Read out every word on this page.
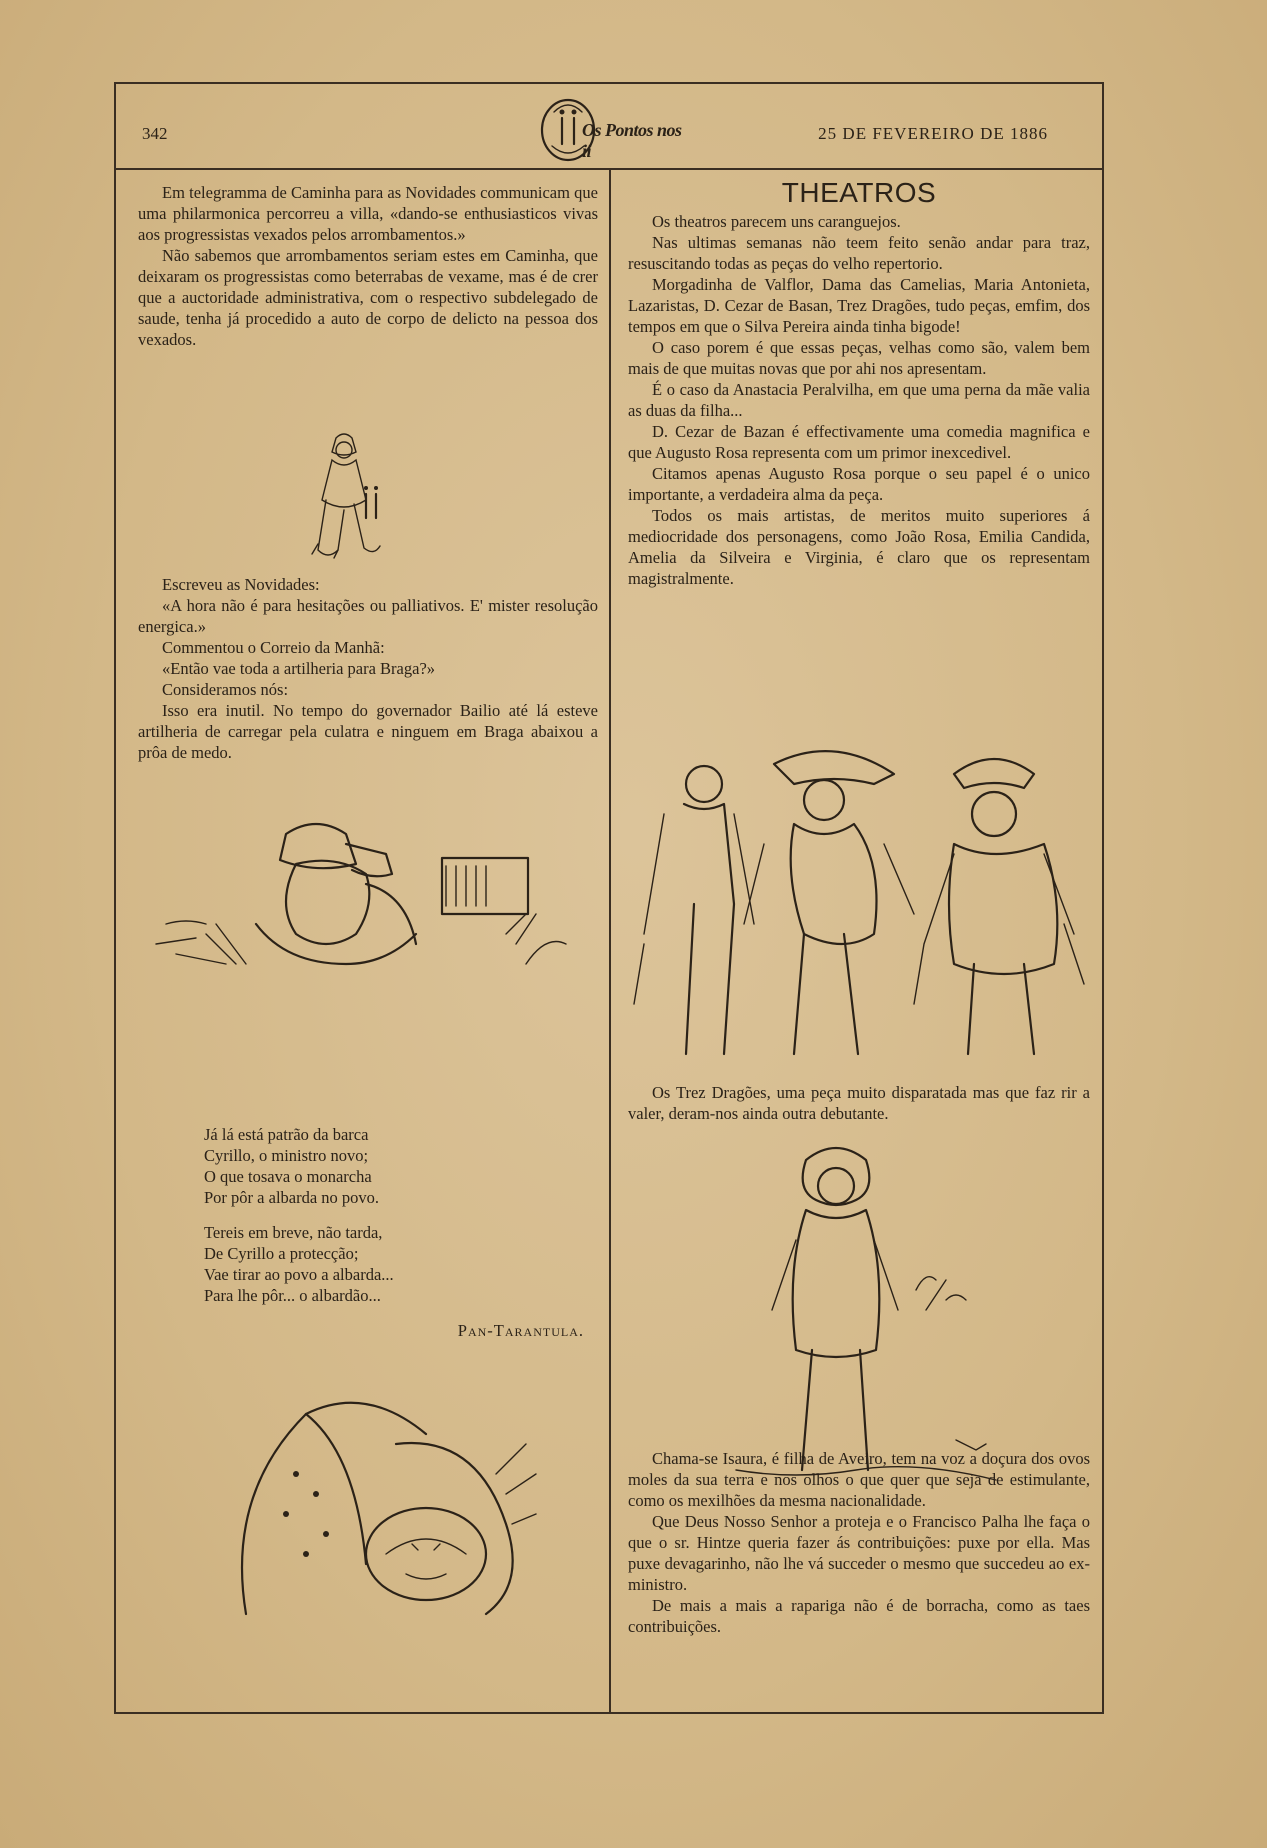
342	Os Pontos nos ii
25 DE FEVEREIRO DE 1886

Em telegramma de Caminha para as Novidades communicam que uma philarmonica percorreu a villa, «dando-se enthusiasticos vivas aos progressistas vexados pelos arrombamentos.»

Não sabemos que arrombamentos seriam estes em Caminha, que deixaram os progressistas como beterrabas de vexame, mas é de crer que a auctoridade administrativa, com o respectivo subdelegado de saude, tenha já procedido a auto de corpo de delicto na pessoa dos vexados.

Escreveu as Novidades:

«A hora não é para hesitações ou palliativos. E' mister resolução energica.»

Commentou o Correio da Manhã:

«Então vae toda a artilheria para Braga?»

Consideramos nós:

Isso era inutil. No tempo do governador Bailio até lá esteve artilheria de carregar pela culatra e ninguem em Braga abaixou a prôa de medo.

Já lá está patrão da barca

Cyrillo, o ministro novo;

O que tosava o monarcha

Por pôr a albarda no povo.

Tereis em breve, não tarda,

De Cyrillo a protecção;

Vae tirar ao povo a albarda...

Para lhe pôr... o albardão...

Pan-Tarantula.
THEATROS

Os theatros parecem uns caranguejos.

Nas ultimas semanas não teem feito senão andar para traz, resuscitando todas as peças do velho repertorio.

Morgadinha de Valflor, Dama das Camelias, Maria Antonieta, Lazaristas, D. Cezar de Basan, Trez Dragões, tudo peças, emfim, dos tempos em que o Silva Pereira ainda tinha bigode!

O caso porem é que essas peças, velhas como são, valem bem mais de que muitas novas que por ahi nos apresentam.

É o caso da Anastacia Peralvilha, em que uma perna da mãe valia as duas da filha...

D. Cezar de Bazan é effectivamente uma comedia magnifica e que Augusto Rosa representa com um primor inexcedivel.

Citamos apenas Augusto Rosa porque o seu papel é o unico importante, a verdadeira alma da peça.

Todos os mais artistas, de meritos muito superiores á mediocridade dos personagens, como João Rosa, Emilia Candida, Amelia da Silveira e Virginia, é claro que os representam magistralmente.

Os Trez Dragões, uma peça muito disparatada mas que faz rir a valer, deram-nos ainda outra debutante.

Chama-se Isaura, é filha de Aveiro, tem na voz a doçura dos ovos moles da sua terra e nos olhos o que quer que seja de estimulante, como os mexilhões da mesma nacionalidade.

Que Deus Nosso Senhor a proteja e o Francisco Palha lhe faça o que o sr. Hintze queria fazer ás contribuições: puxe por ella. Mas puxe devagarinho, não lhe vá succeder o mesmo que succedeu ao ex-ministro.

De mais a mais a rapariga não é de borracha, como as taes contribuições.
